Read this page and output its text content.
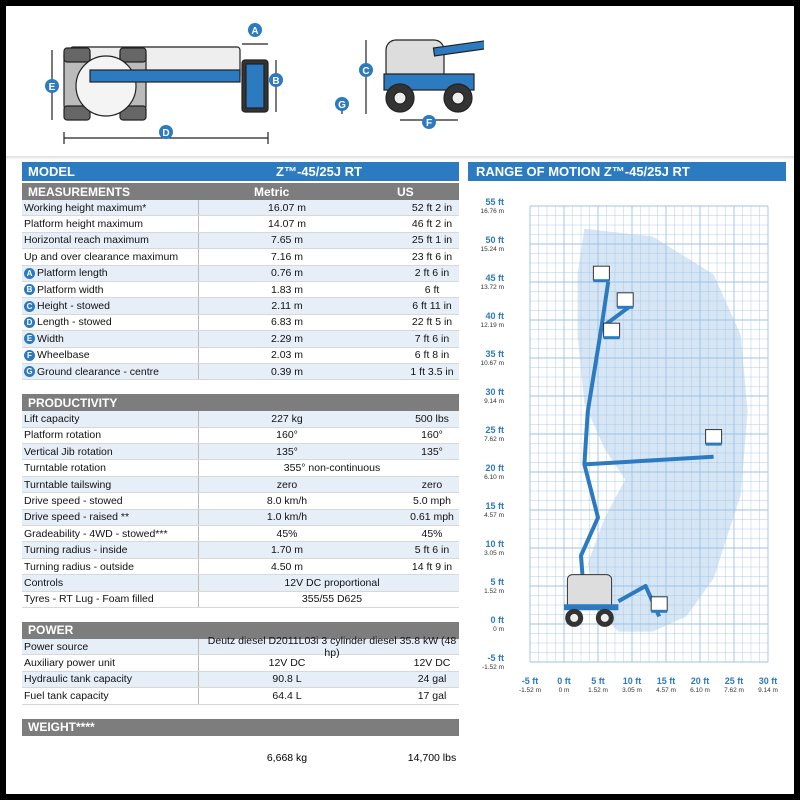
A
B
C
D
E
F
G
MODEL	Z™-45/25J RT
MEASUREMENTS	Metric	US
Working height maximum*	16.07 m	52 ft 2 in
Platform height maximum	14.07 m	46 ft 2 in
Horizontal reach maximum	7.65 m	25 ft 1 in
Up and over clearance maximum	7.16 m	23 ft 6 in
A Platform length	0.76 m	2 ft 6 in
B Platform width	1.83 m	6 ft
C Height - stowed	2.11 m	6 ft 11 in
D Length - stowed	6.83 m	22 ft 5 in
E Width	2.29 m	7 ft 6 in
F Wheelbase	2.03 m	6 ft 8 in
G Ground clearance - centre	0.39 m	1 ft 3.5 in
PRODUCTIVITY
Lift capacity	227 kg	500 lbs
Platform rotation	160°	160°
Vertical Jib rotation	135°	135°
Turntable rotation	355° non-continuous
Turntable tailswing	zero	zero
Drive speed - stowed	8.0 km/h	5.0 mph
Drive speed - raised **	1.0 km/h	0.61 mph
Gradeability - 4WD - stowed***	45%	45%
Turning radius - inside	1.70 m	5 ft 6 in
Turning radius - outside	4.50 m	14 ft 9 in
Controls	12V DC proportional
Tyres - RT Lug - Foam filled	355/55 D625
POWER
Power source	Deutz diesel D2011L03i 3 cylinder diesel 35.8 kW (48 hp)
Auxiliary power unit	12V DC	12V DC
Hydraulic tank capacity	90.8 L	24 gal
Fuel tank capacity	64.4 L	17 gal
WEIGHT****
6,668 kg	14,700 lbs
RANGE OF MOTION Z™-45/25J RT
55 ft
16.76 m
50 ft
15.24 m
45 ft
13.72 m
40 ft
12.19 m
35 ft
10.67 m
30 ft
9.14 m
25 ft
7.62 m
20 ft
6.10 m
15 ft
4.57 m
10 ft
3.05 m
5 ft
1.52 m
0 ft
0 m
-5 ft
-1.52 m
-5 ft
-1.52 m
0 ft
0 m
5 ft
1.52 m
10 ft
3.05 m
15 ft
4.57 m
20 ft
6.10 m
25 ft
7.62 m
30 ft
9.14 m
